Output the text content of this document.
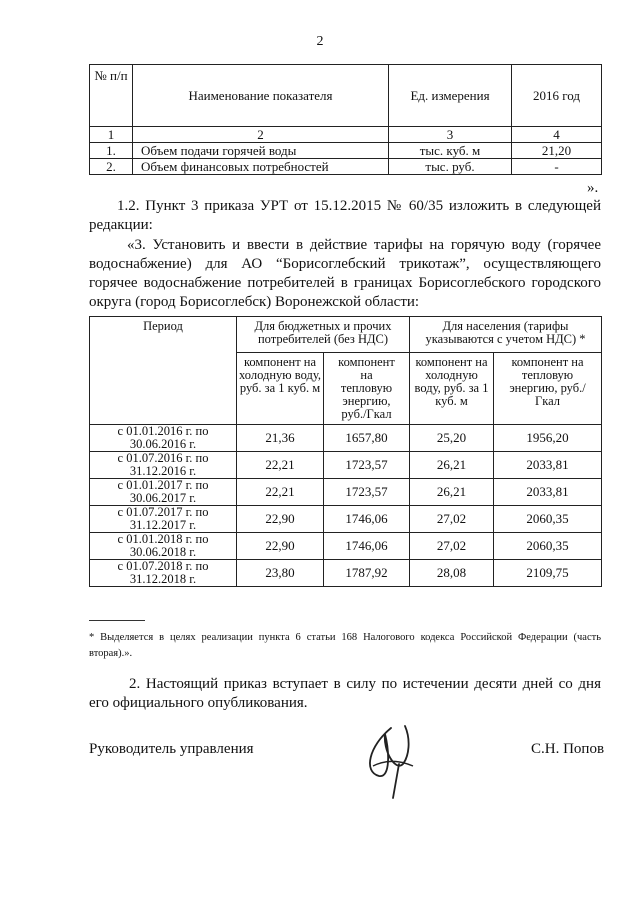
2
№ п/п	Наименование показателя	Ед. измерения	2016 год
1	2	3	4
1.	Объем подачи горячей воды	тыс. куб. м	21,20
2.	Объем финансовых потребностей	тыс. руб.	-
».
1.2. Пункт 3 приказа УРТ от 15.12.2015 № 60/35 изложить в следующей редакции:
«3. Установить и ввести в действие тарифы на горячую воду (горячее водоснабжение) для АО “Борисоглебский трикотаж”, осуществляющего горячее водоснабжение потребителей в границах Борисоглебского городского округа (город Борисоглебск) Воронежской области:
Период	Для бюджетных и прочих потребителей (без НДС)		Для населения (тарифы указываются с учетом НДС) *	
	компонент на холодную воду, руб. за 1 куб. м	компонент на тепловую энергию, руб./Гкал	компонент на холодную воду, руб. за 1 куб. м	компонент на тепловую энергию, руб./Гкал
с 01.01.2016 г. по 30.06.2016 г.	21,36	1657,80	25,20	1956,20
с 01.07.2016 г. по 31.12.2016 г.	22,21	1723,57	26,21	2033,81
с 01.01.2017 г. по 30.06.2017 г.	22,21	1723,57	26,21	2033,81
с 01.07.2017 г. по 31.12.2017 г.	22,90	1746,06	27,02	2060,35
с 01.01.2018 г. по 30.06.2018 г.	22,90	1746,06	27,02	2060,35
с 01.07.2018 г. по 31.12.2018 г.	23,80	1787,92	28,08	2109,75
* Выделяется в целях реализации пункта 6 статьи 168 Налогового кодекса Российской Федерации (часть вторая).».
2. Настоящий приказ вступает в силу по истечении десяти дней со дня его официального опубликования.
Руководитель управления	С.Н. Попов
